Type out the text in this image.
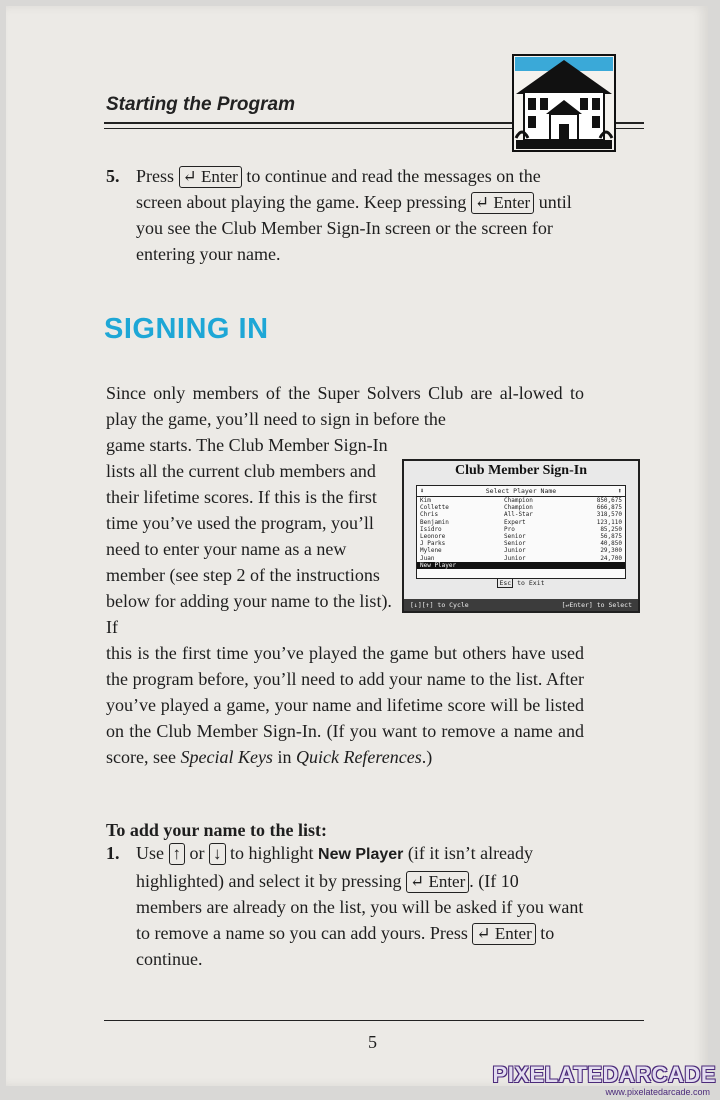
Starting the Program
5. Press ↵ Enter to continue and read the messages on the screen about playing the game. Keep pressing ↵ Enter until you see the Club Member Sign-In screen or the screen for entering your name.
SIGNING IN
Since only members of the Super Solvers Club are al-lowed to play the game, you’ll need to sign in before the
game starts. The Club Member Sign-In lists all the current club members and their lifetime scores. If this is the first time you’ve used the program, you’ll need to enter your name as a new member (see step 2 of the instructions below for adding your name to the list). If
this is the first time you’ve played the game but others have used the program before, you’ll need to add your name to the list. After you’ve played a game, your name and lifetime score will be listed on the Club Member Sign-In. (If you want to remove a name and score, see Special Keys in Quick References.)
Club Member Sign-In
⬇	Select Player Name	⬆
Kim	Champion	850,675
Collette	Champion	666,875
Chris	All-Star	318,570
Benjamin	Expert	123,110
Isidro	Pro	85,250
Leonore	Senior	56,875
J Parks	Senior	40,850
Mylene	Junior	29,300
Juan	Junior	24,700
New Player
Esc to Exit
[↓][↑] to Cycle	[↵Enter] to Select
To add your name to the list:
1. Use ↑ or ↓ to highlight New Player (if it isn’t already highlighted) and select it by pressing ↵ Enter . (If 10 members are already on the list, you will be asked if you want to remove a name so you can add yours. Press ↵ Enter to continue.
5
PIXELATEDARCADE
www.pixelatedarcade.com
